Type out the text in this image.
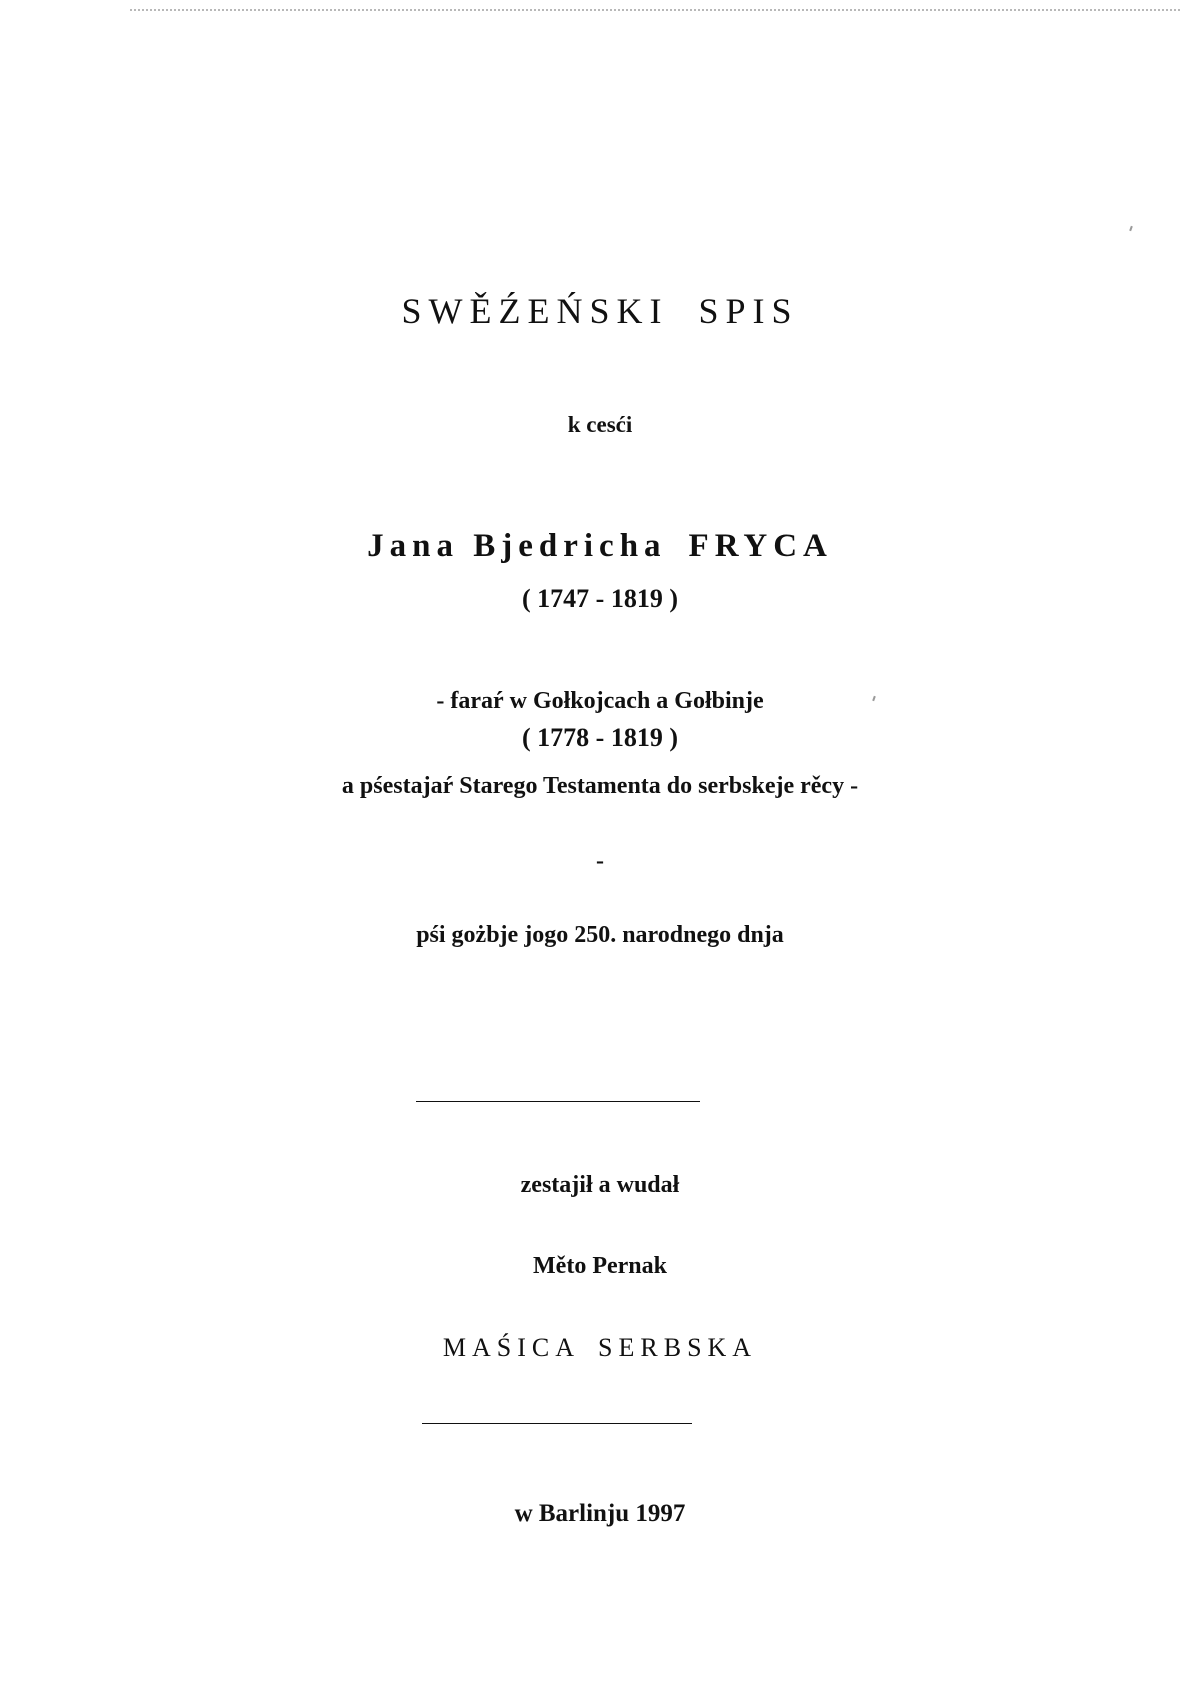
SWĚŹEŃSKI SPIS
k cesći
Jana Bjedricha FRYCA
( 1747 - 1819 )
- faraŕ w Gołkojcach a Gołbinje
( 1778 - 1819 )
a pśestajaŕ Starego Testamenta do serbskeje rěcy -
-
pśi gożbje jogo 250. narodnego dnja
zestajił a wudał
Měto Pernak
MAŚICA SERBSKA
w Barlinju 1997
